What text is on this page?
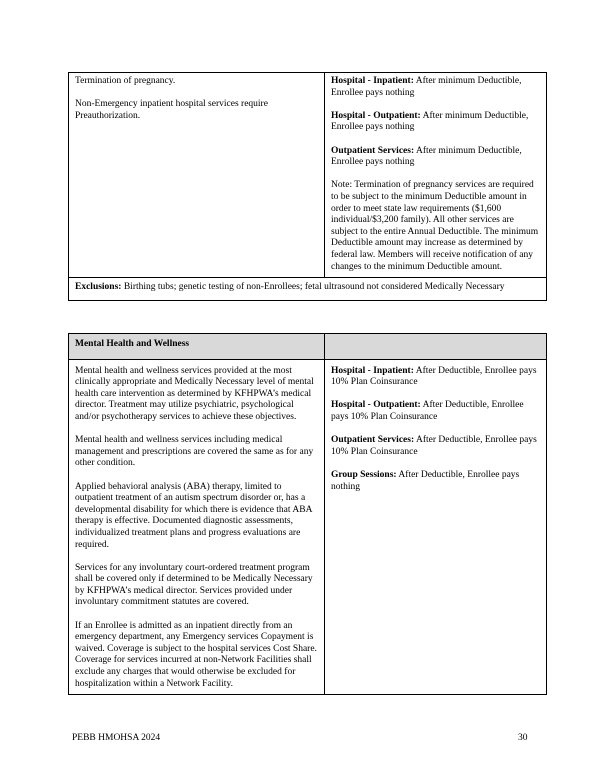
Termination of pregnancy.

Non-Emergency inpatient hospital services require Preauthorization.

Hospital - Inpatient: After minimum Deductible, Enrollee pays nothing

Hospital - Outpatient: After minimum Deductible, Enrollee pays nothing

Outpatient Services: After minimum Deductible, Enrollee pays nothing

Note: Termination of pregnancy services are required to be subject to the minimum Deductible amount in order to meet state law requirements ($1,600 individual/$3,200 family). All other services are subject to the entire Annual Deductible. The minimum Deductible amount may increase as determined by federal law. Members will receive notification of any changes to the minimum Deductible amount.

Exclusions: Birthing tubs; genetic testing of non-Enrollees; fetal ultrasound not considered Medically Necessary
Mental Health and Wellness

Mental health and wellness services provided at the most clinically appropriate and Medically Necessary level of mental health care intervention as determined by KFHPWA’s medical director. Treatment may utilize psychiatric, psychological and/or psychotherapy services to achieve these objectives.

Mental health and wellness services including medical management and prescriptions are covered the same as for any other condition.

Applied behavioral analysis (ABA) therapy, limited to outpatient treatment of an autism spectrum disorder or, has a developmental disability for which there is evidence that ABA therapy is effective. Documented diagnostic assessments, individualized treatment plans and progress evaluations are required.

Services for any involuntary court-ordered treatment program shall be covered only if determined to be Medically Necessary by KFHPWA’s medical director. Services provided under involuntary commitment statutes are covered.

If an Enrollee is admitted as an inpatient directly from an emergency department, any Emergency services Copayment is waived. Coverage is subject to the hospital services Cost Share. Coverage for services incurred at non-Network Facilities shall exclude any charges that would otherwise be excluded for hospitalization within a Network Facility.

Hospital - Inpatient: After Deductible, Enrollee pays 10% Plan Coinsurance

Hospital - Outpatient: After Deductible, Enrollee pays 10% Plan Coinsurance

Outpatient Services: After Deductible, Enrollee pays 10% Plan Coinsurance

Group Sessions: After Deductible, Enrollee pays nothing

PEBB HMOHSA 2024	30
